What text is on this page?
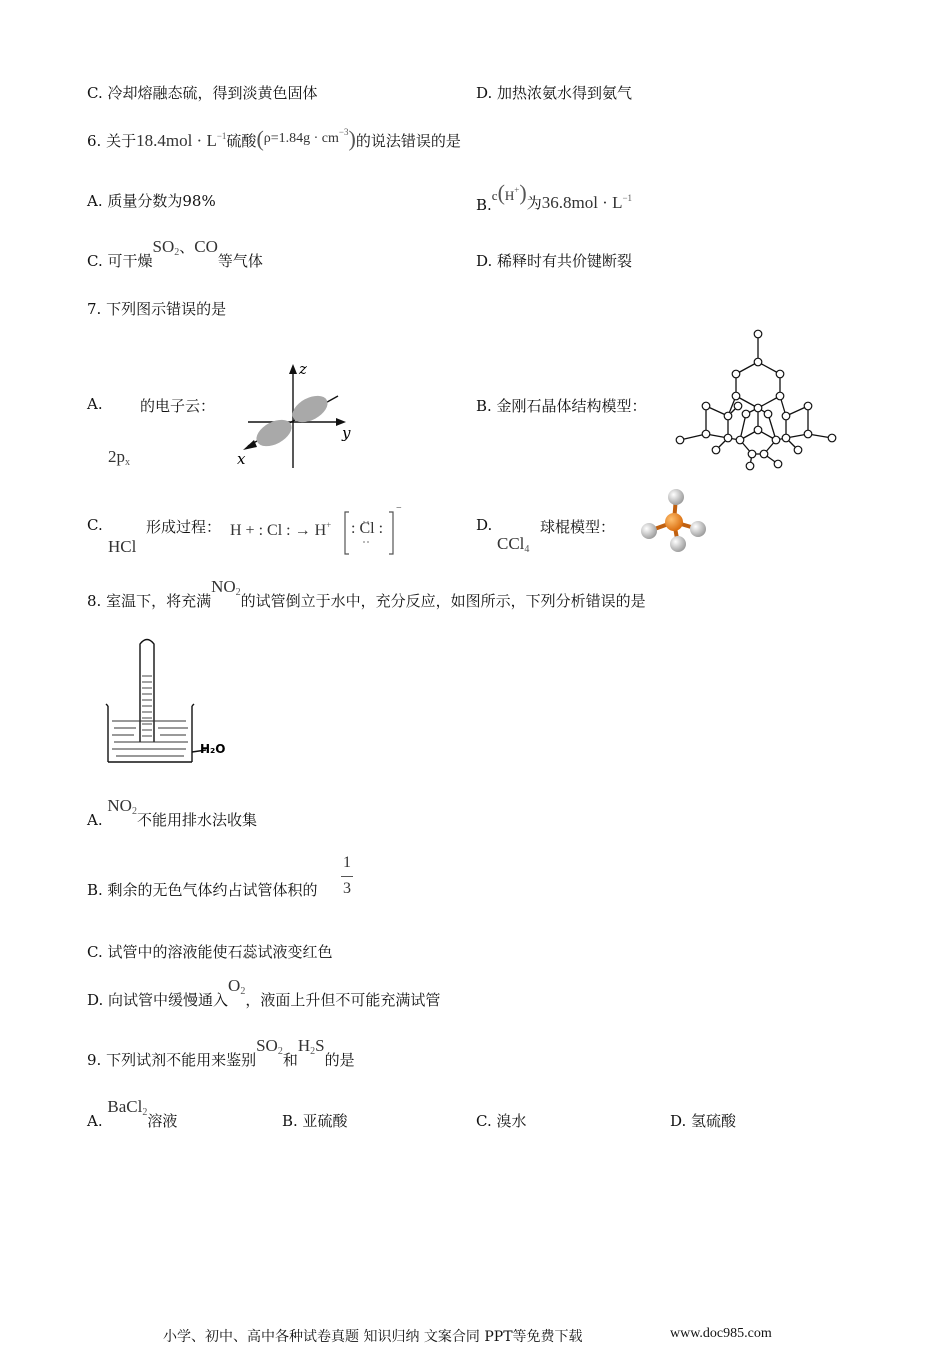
C. 冷却熔融态硫，得到淡黄色固体	D. 加热浓氨水得到氨气
6. 关于$18.4mol \cdot L^{-1}$硫酸$(\rho=1.84g \cdot cm^{-3})$的说法错误的是
A. 质量分数为98%	B.c(H+)为$36.8mol \cdot L^{-1}$
C. 可干燥$SO_2$、CO等气体	D. 稀释时有共价键断裂
7. 下列图示错误的是
A. 的电子云：
$2p_x$
z
y
x
B. 金刚石晶体结构模型：
C.	形成过程：
HCl
H + : Cl : → H+ : Cl :
−
D.	球棍模型：
CCl$_4$
8. 室温下，将充满$NO_2$的试管倒立于水中，充分反应，如图所示，下列分析错误的是
H₂O
A. $NO_2$不能用排水法收集
B. 剩余的无色气体约占试管体积的
1
3
C. 试管中的溶液能使石蕊试液变红色
D. 向试管中缓慢通入$O_2$，液面上升但不可能充满试管
9. 下列试剂不能用来鉴别$SO_2$和$H_2S$的是
A. BaCl$_2$溶液	B. 亚硫酸	C. 溴水	D. 氢硫酸
小学、初中、高中各种试卷真题 知识归纳 文案合同 PPT等免费下载	www.doc985.com
